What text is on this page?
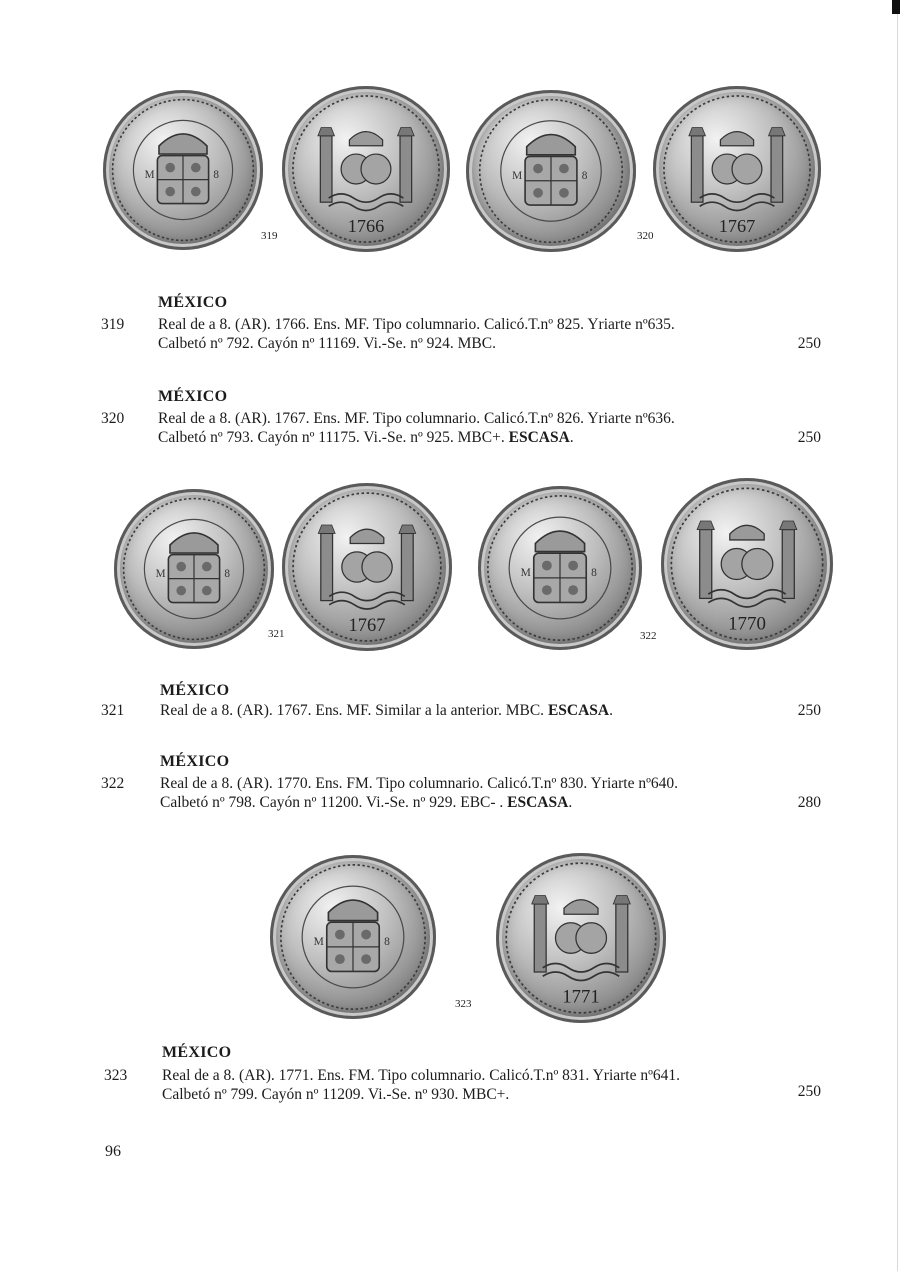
1766
319	1767
320
MÉXICO
319 Real de a 8. (AR). 1766. Ens. MF. Tipo columnario. Calicó.T.nº 825. Yriarte nº635.
Calbetó nº 792. Cayón nº 11169. Vi.-Se. nº 924. MBC.	250
MÉXICO
320 Real de a 8. (AR). 1767. Ens. MF. Tipo columnario. Calicó.T.nº 826. Yriarte nº636.
Calbetó nº 793. Cayón nº 11175. Vi.-Se. nº 925. MBC+. ESCASA.	250
1767
321	1770
322
MÉXICO
321 Real de a 8. (AR). 1767. Ens. MF. Similar a la anterior. MBC. ESCASA.	250
MÉXICO
322 Real de a 8. (AR). 1770. Ens. FM. Tipo columnario. Calicó.T.nº 830. Yriarte nº640.
Calbetó nº 798. Cayón nº 11200. Vi.-Se. nº 929. EBC- . ESCASA.	280
1771
323
MÉXICO
323 Real de a 8. (AR). 1771. Ens. FM. Tipo columnario. Calicó.T.nº 831. Yriarte nº641.
Calbetó nº 799. Cayón nº 11209. Vi.-Se. nº 930. MBC+.	250
96
